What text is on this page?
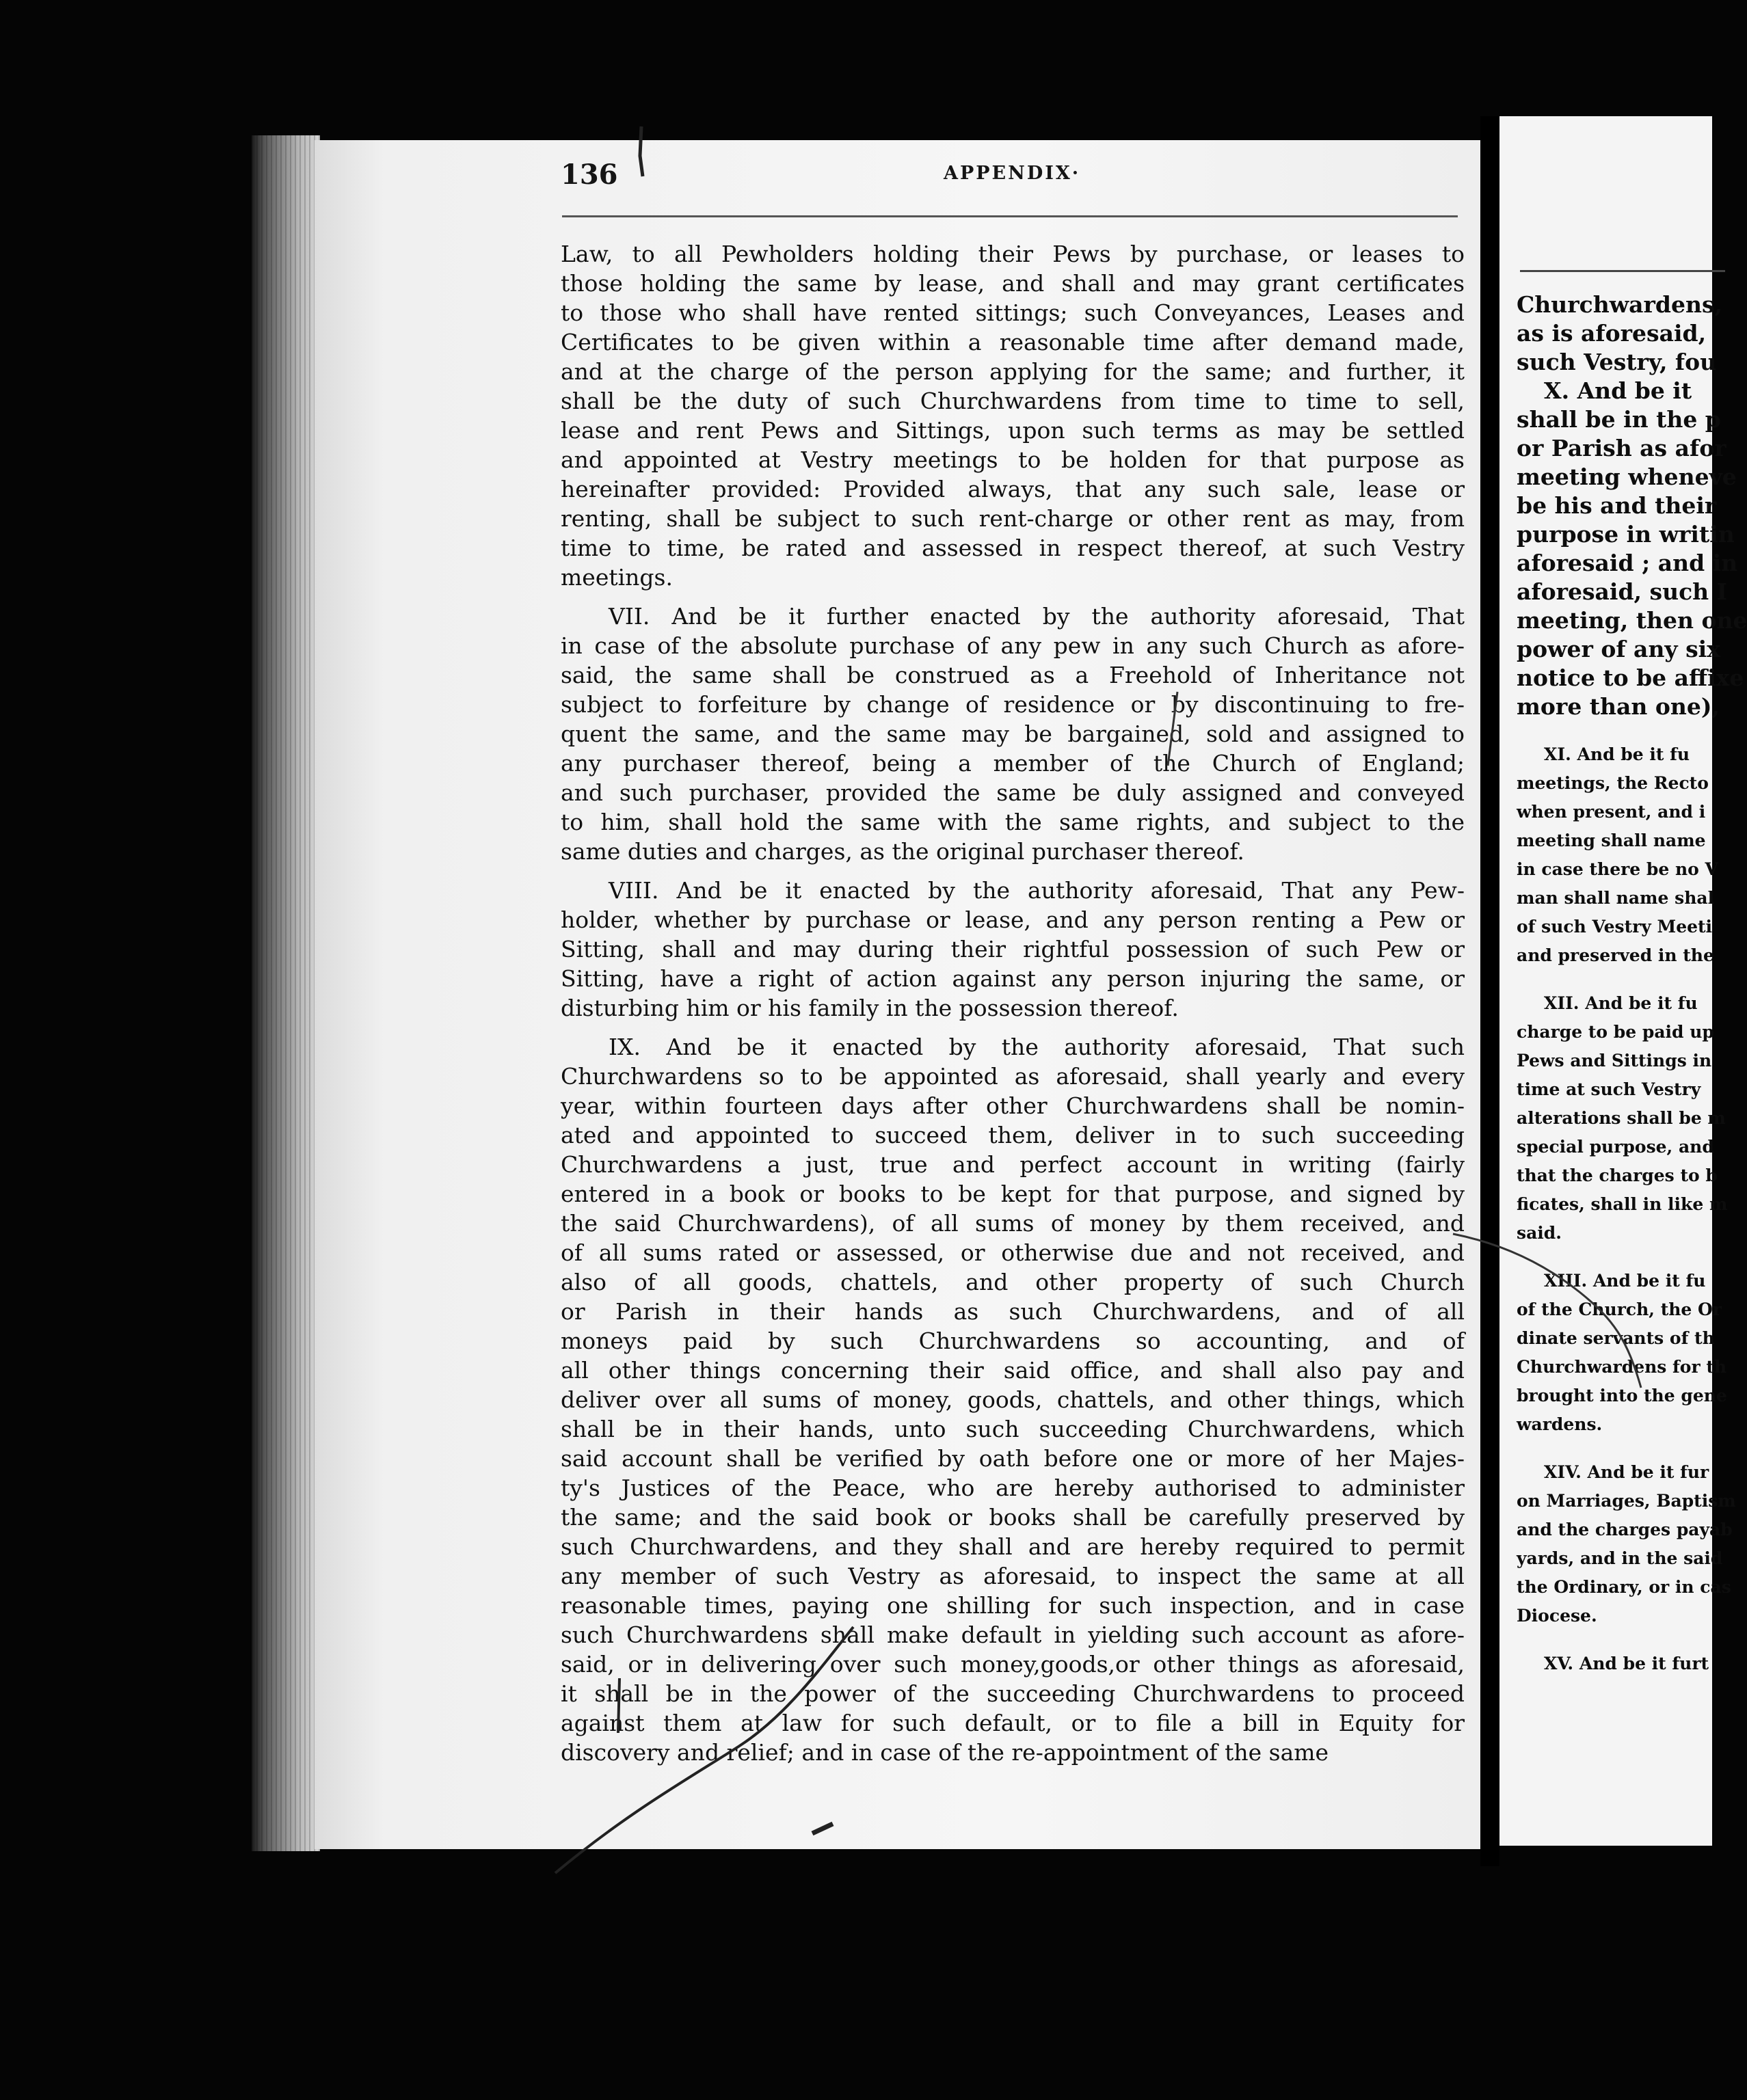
Churchwardens,
as is aforesaid,
such Vestry, fou
X. And be it
shall be in the p
or Parish as afor
meeting wheneve
be his and their
purpose in writin
aforesaid ; and in
aforesaid, such I
meeting, then one
power of any six
notice to be affixe
more than one),
XI. And be it fu
meetings, the Recto
when present, and i
meeting shall name
in case there be no V
man shall name shal
of such Vestry Meeti
and preserved in the
XII. And be it fu
charge to be paid up
Pews and Sittings in
time at such Vestry
alterations shall be m
special purpose, and
that the charges to b
ficates, shall in like m
said.
XIII. And be it fu
of the Church, the Or
dinate servants of th
Churchwardens for th
brought into the gene
wardens.
XIV. And be it fur
on Marriages, Baptism
and the charges payab
yards, and in the said
the Ordinary, or in cas
Diocese.
XV. And be it furt
136	APPENDIX·
Law, to all Pewholders holding their Pews by purchase, or leases to
those holding the same by lease, and shall and may grant certificates
to those who shall have rented sittings; such Conveyances, Leases and
Certificates to be given within a reasonable time after demand made,
and at the charge of the person applying for the same; and further, it
shall be the duty of such Churchwardens from time to time to sell,
lease and rent Pews and Sittings, upon such terms as may be settled
and appointed at Vestry meetings to be holden for that purpose as
hereinafter provided: Provided always, that any such sale, lease or
renting, shall be subject to such rent-charge or other rent as may, from
time to time, be rated and assessed in respect thereof, at such Vestry
meetings.
VII. And be it further enacted by the authority aforesaid, That
in case of the absolute purchase of any pew in any such Church as afore-
said, the same shall be construed as a Freehold of Inheritance not
subject to forfeiture by change of residence or by discontinuing to fre-
quent the same, and the same may be bargained, sold and assigned to
any purchaser thereof, being a member of the Church of England;
and such purchaser, provided the same be duly assigned and conveyed
to him, shall hold the same with the same rights, and subject to the
same duties and charges, as the original purchaser thereof.
VIII. And be it enacted by the authority aforesaid, That any Pew-
holder, whether by purchase or lease, and any person renting a Pew or
Sitting, shall and may during their rightful possession of such Pew or
Sitting, have a right of action against any person injuring the same, or
disturbing him or his family in the possession thereof.
IX. And be it enacted by the authority aforesaid, That such
Churchwardens so to be appointed as aforesaid, shall yearly and every
year, within fourteen days after other Churchwardens shall be nomin-
ated and appointed to succeed them, deliver in to such succeeding
Churchwardens a just, true and perfect account in writing (fairly
entered in a book or books to be kept for that purpose, and signed by
the said Churchwardens), of all sums of money by them received, and
of all sums rated or assessed, or otherwise due and not received, and
also of all goods, chattels, and other property of such Church
or Parish in their hands as such Churchwardens, and of all
moneys paid by such Churchwardens so accounting, and of
all other things concerning their said office, and shall also pay and
deliver over all sums of money, goods, chattels, and other things, which
shall be in their hands, unto such succeeding Churchwardens, which
said account shall be verified by oath before one or more of her Majes-
ty's Justices of the Peace, who are hereby authorised to administer
the same; and the said book or books shall be carefully preserved by
such Churchwardens, and they shall and are hereby required to permit
any member of such Vestry as aforesaid, to inspect the same at all
reasonable times, paying one shilling for such inspection, and in case
such Churchwardens shall make default in yielding such account as afore-
said, or in delivering over such money,goods,or other things as aforesaid,
it shall be in the power of the succeeding Churchwardens to proceed
against them at law for such default, or to file a bill in Equity for
discovery and relief; and in case of the re-appointment of the same
